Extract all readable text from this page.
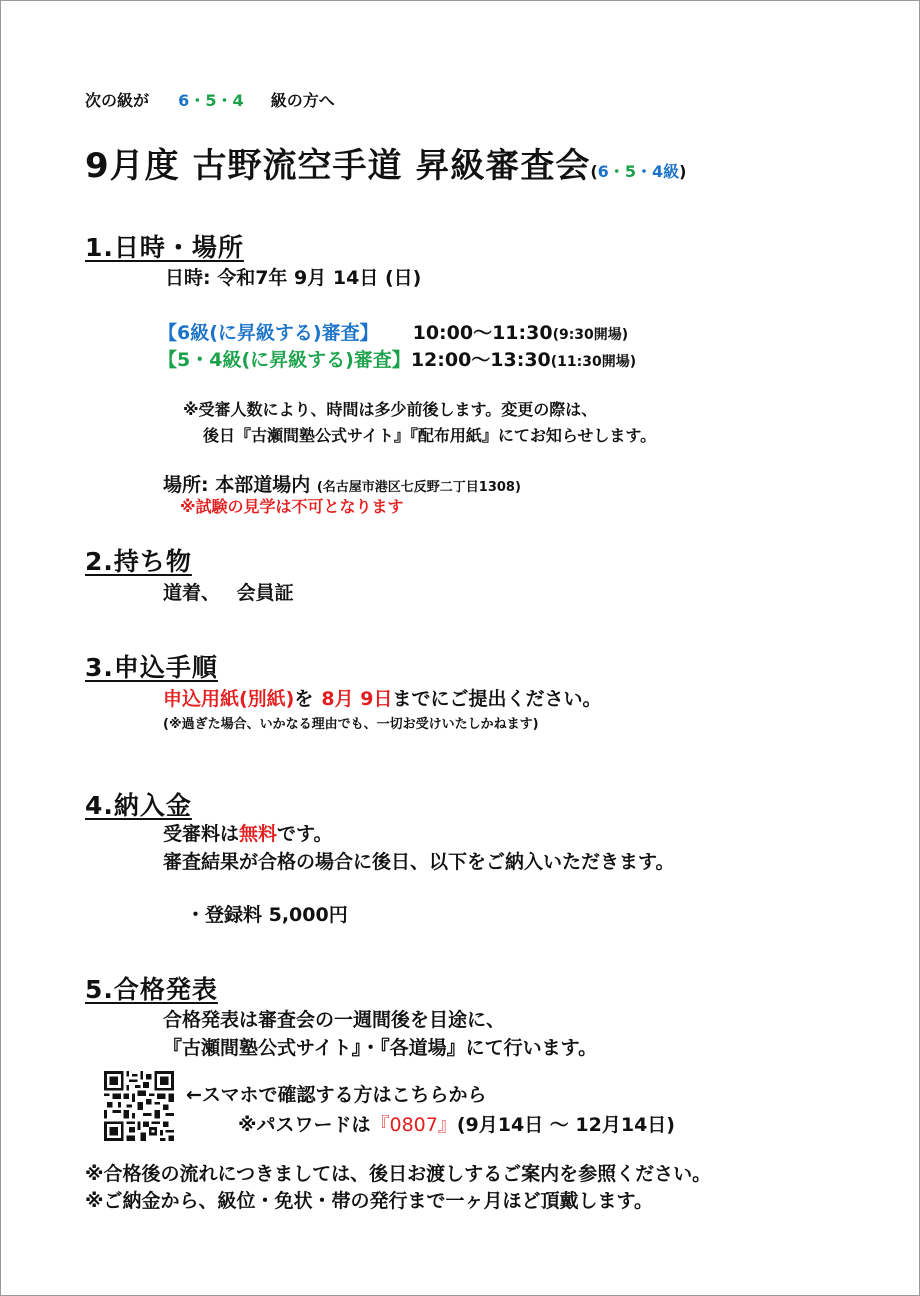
次の級が 6・5・4 級の方へ
9月度 古野流空手道 昇級審査会(6・5・4級)
1.日時・場所
日時: 令和7年 9月 14日 (日)
【6級(に昇級する)審査】 10:00〜11:30(9:30開場)
【5・4級(に昇級する)審査】12:00〜13:30(11:30開場)
※受審人数により、時間は多少前後します。変更の際は、
後日『古瀬間塾公式サイト』『配布用紙』にてお知らせします。
場所: 本部道場内 (名古屋市港区七反野二丁目1308)
※試験の見学は不可となります
2.持ち物
道着、 会員証
3.申込手順
申込用紙(別紙)を 8月 9日までにご提出ください。
(※過ぎた場合、いかなる理由でも、一切お受けいたしかねます)
4.納入金
受審料は無料です。
審査結果が合格の場合に後日、以下をご納入いただきます。
・登録料 5,000円
5.合格発表
合格発表は審査会の一週間後を目途に、
『古瀬間塾公式サイト』・『各道場』にて行います。
←スマホで確認する方はこちらから
※パスワードは『0807』(9月14日 〜 12月14日)
※合格後の流れにつきましては、後日お渡しするご案内を参照ください。
※ご納金から、級位・免状・帯の発行まで一ヶ月ほど頂戴します。
